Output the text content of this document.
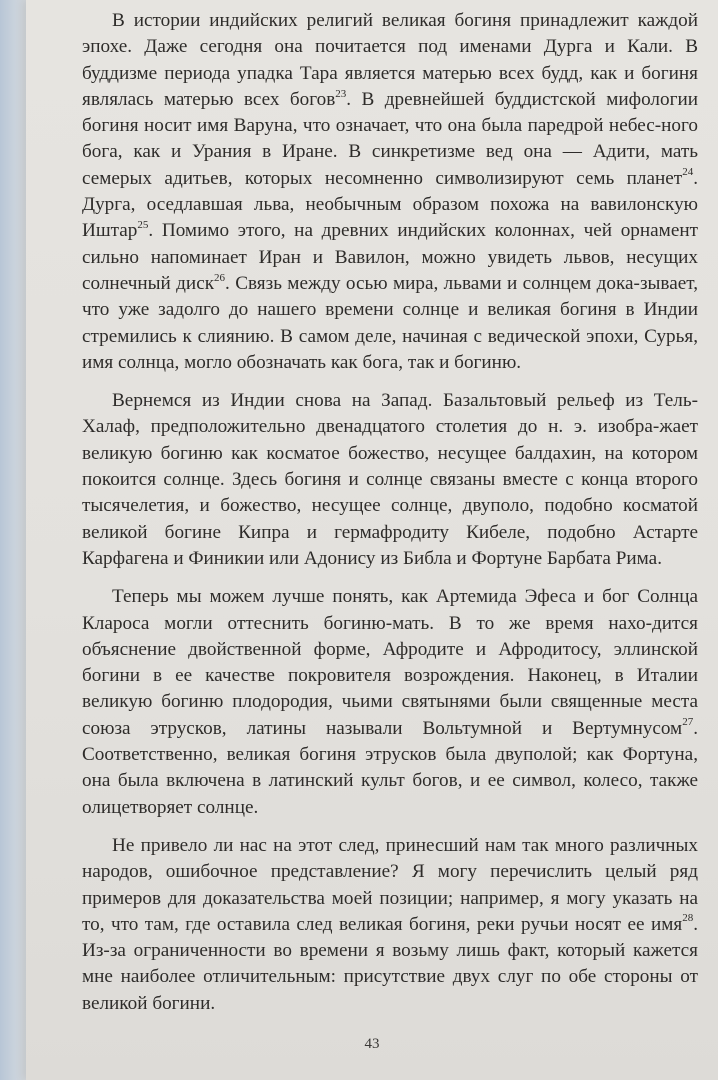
В истории индийских религий великая богиня принадлежит каждой эпохе. Даже сегодня она почитается под именами Дурга и Кали. В буддизме периода упадка Тара является матерью всех будд, как и богиня являлась матерью всех богов$^{23}$. В древнейшей буддистской мифологии богиня носит имя Варуна, что означает, что она была паредрой небес-ного бога, как и Урания в Иране. В синкретизме вед она — Адити, мать семерых адитьев, которых несомненно символизируют семь планет$^{24}$. Дурга, оседлавшая льва, необычным образом похожа на вавилонскую Иштар$^{25}$. Помимо этого, на древних индийских колоннах, чей орнамент сильно напоминает Иран и Вавилон, можно увидеть львов, несущих солнечный диск$^{26}$. Связь между осью мира, львами и солнцем дока-зывает, что уже задолго до нашего времени солнце и великая богиня в Индии стремились к слиянию. В самом деле, начиная с ведической эпохи, Сурья, имя солнца, могло обозначать как бога, так и богиню.

Вернемся из Индии снова на Запад. Базальтовый рельеф из Тель-Халаф, предположительно двенадцатого столетия до н. э. изобра-жает великую богиню как косматое божество, несущее балдахин, на котором покоится солнце. Здесь богиня и солнце связаны вместе с конца второго тысячелетия, и божество, несущее солнце, двуполо, подобно косматой великой богине Кипра и гермафродиту Кибеле, подобно Астарте Карфагена и Финикии или Адонису из Библа и Фортуне Барбата Рима.

Теперь мы можем лучше понять, как Артемида Эфеса и бог Солнца Кларoса могли оттеснить богиню-мать. В то же время нахо-дится объяснение двойственной форме, Афродите и Афродитосу, эллинской богини в ее качестве покровителя возрождения. Наконец, в Италии великую богиню плодородия, чьими святынями были священные места союза этрусков, латины называли Вольтумной и Вертумнусом$^{27}$. Соответственно, великая богиня этрусков была двуполой; как Фортуна, она была включена в латинский культ богов, и ее символ, колесо, также олицетворяет солнце.

Не привело ли нас на этот след, принесший нам так много различных народов, ошибочное представление? Я могу перечислить целый ряд примеров для доказательства моей позиции; например, я могу указать на то, что там, где оставила след великая богиня, реки ручьи носят ее имя$^{28}$. Из-за ограниченности во времени я возьму лишь факт, который кажется мне наиболее отличительным: присутствие двух слуг по обе стороны от великой богини.

43
